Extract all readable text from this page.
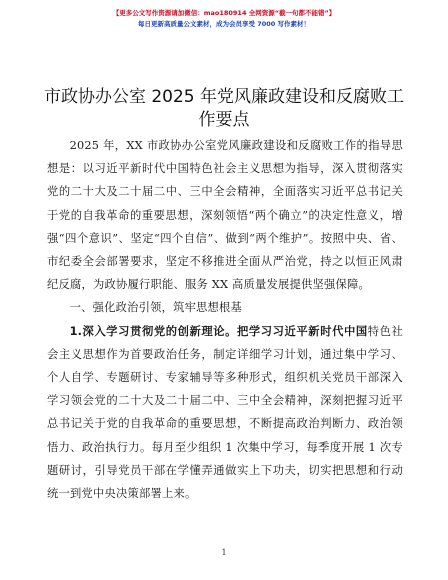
【更多公文写作资源请加微信：mao180914 全网资源“截一句都不能错”】
每日更新高质量公文素材，成为会员享受 7000 写作素材！
市政协办公室 2025 年党风廉政建设和反腐败工作要点

2025 年，XX 市政协办公室党风廉政建设和反腐败工作的指导思想是：以习近平新时代中国特色社会主义思想为指导，深入贯彻落实党的二十大及二十届二中、三中全会精神，全面落实习近平总书记关于党的自我革命的重要思想，深刻领悟“两个确立”的决定性意义，增强“四个意识”、坚定“四个自信”、做到“两个维护”。按照中央、省、市纪委全会部署要求，坚定不移推进全面从严治党，持之以恒正风肃纪反腐，为政协履行职能、服务 XX 高质量发展提供坚强保障。

一、强化政治引领，筑牢思想根基

1.深入学习贯彻党的创新理论。把学习习近平新时代中国特色社会主义思想作为首要政治任务，制定详细学习计划，通过集中学习、个人自学、专题研讨、专家辅导等多种形式，组织机关党员干部深入学习领会党的二十大及二十届二中、三中全会精神，深刻把握习近平总书记关于党的自我革命的重要思想，不断提高政治判断力、政治领悟力、政治执行力。每月至少组织 1 次集中学习，每季度开展 1 次专题研讨，引导党员干部在学懂弄通做实上下功夫，切实把思想和行动统一到党中央决策部署上来。

1
